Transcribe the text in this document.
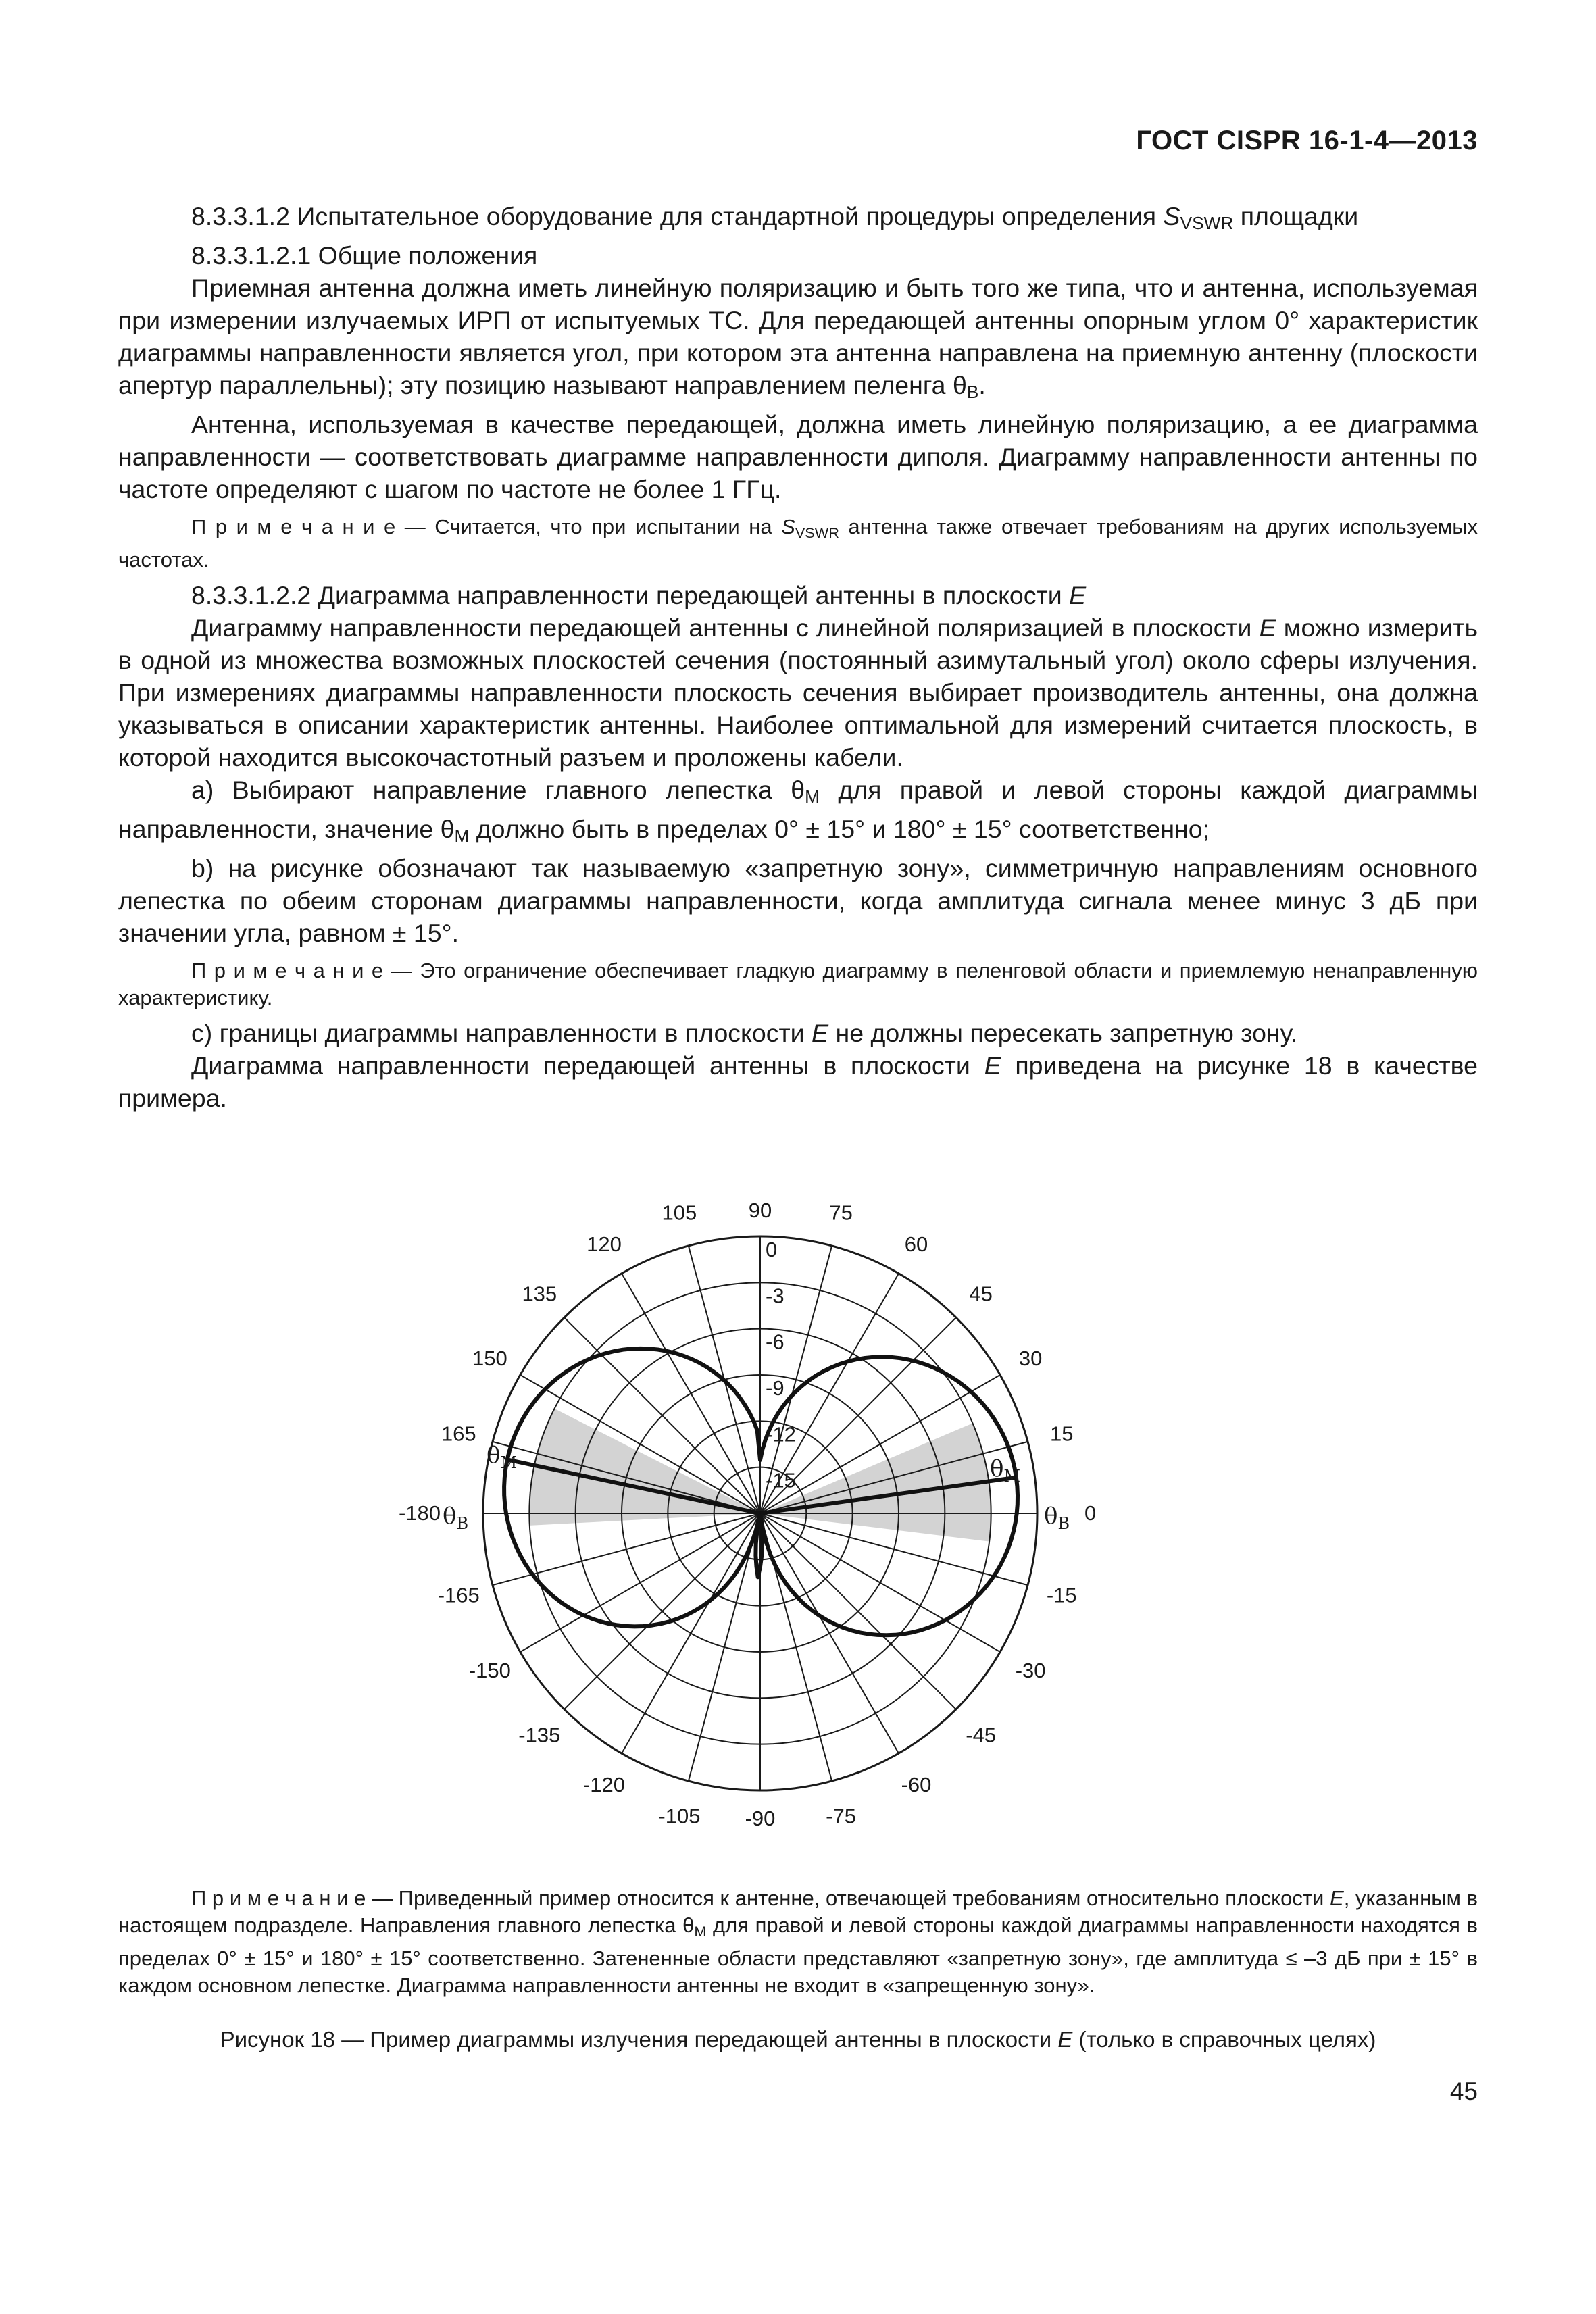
ГОСТ CISPR 16-1-4—2013

8.3.3.1.2 Испытательное оборудование для стандартной процедуры определения $S_{VSWR}$ площадки

8.3.3.1.2.1 Общие положения

Приемная антенна должна иметь линейную поляризацию и быть того же типа, что и антенна, используемая при измерении излучаемых ИРП от испытуемых ТС. Для передающей антенны опорным углом 0° характеристик диаграммы направленности является угол, при котором эта антенна направлена на приемную антенну (плоскости апертур параллельны); эту позицию называют направлением пеленга $\theta_B$.

Антенна, используемая в качестве передающей, должна иметь линейную поляризацию, а ее диаграмма направленности — соответствовать диаграмме направленности диполя. Диаграмму направленности антенны по частоте определяют с шагом по частоте не более 1 ГГц.

П р и м е ч а н и е — Считается, что при испытании на $S_{VSWR}$ антенна также отвечает требованиям на других используемых частотах.

8.3.3.1.2.2 Диаграмма направленности передающей антенны в плоскости E

Диаграмму направленности передающей антенны с линейной поляризацией в плоскости E можно измерить в одной из множества возможных плоскостей сечения (постоянный азимутальный угол) около сферы излучения. При измерениях диаграммы направленности плоскость сечения выбирает производитель антенны, она должна указываться в описании характеристик антенны. Наиболее оптимальной для измерений считается плоскость, в которой находится высокочастотный разъем и проложены кабели.

a) Выбирают направление главного лепестка $\theta_M$ для правой и левой стороны каждой диаграммы направленности, значение $\theta_M$ должно быть в пределах 0° ± 15° и 180° ± 15° соответственно;

b) на рисунке обозначают так называемую «запретную зону», симметричную направлениям основного лепестка по обеим сторонам диаграммы направленности, когда амплитуда сигнала менее минус 3 дБ при значении угла, равном ± 15°.

П р и м е ч а н и е — Это ограничение обеспечивает гладкую диаграмму в пеленговой области и приемлемую ненаправленную характеристику.

c) границы диаграммы направленности в плоскости E не должны пересекать запретную зону.

Диаграмма направленности передающей антенны в плоскости E приведена на рисунке 18 в качестве примера.

15
30
45
60
75
90
105
120
135
150
165
-165
-150
-135
-120
-105 -90 -75
-60
-45
-30
-15
0
-3
-6
-9
-12
-15	$\theta_M$
$\theta_M$
$\theta_B$ 0
-180 $\theta_B$

П р и м е ч а н и е — Приведенный пример относится к антенне, отвечающей требованиям относительно плоскости E, указанным в настоящем подразделе. Направления главного лепестка $\theta_M$ для правой и левой стороны каждой диаграммы направленности находятся в пределах 0° ± 15° и 180° ± 15° соответственно. Затененные области представляют «запретную зону», где амплитуда ≤ –3 дБ при ± 15° в каждом основном лепестке. Диаграмма направленности антенны не входит в «запрещенную зону».

Рисунок 18 — Пример диаграммы излучения передающей антенны в плоскости E (только в справочных целях)

45
